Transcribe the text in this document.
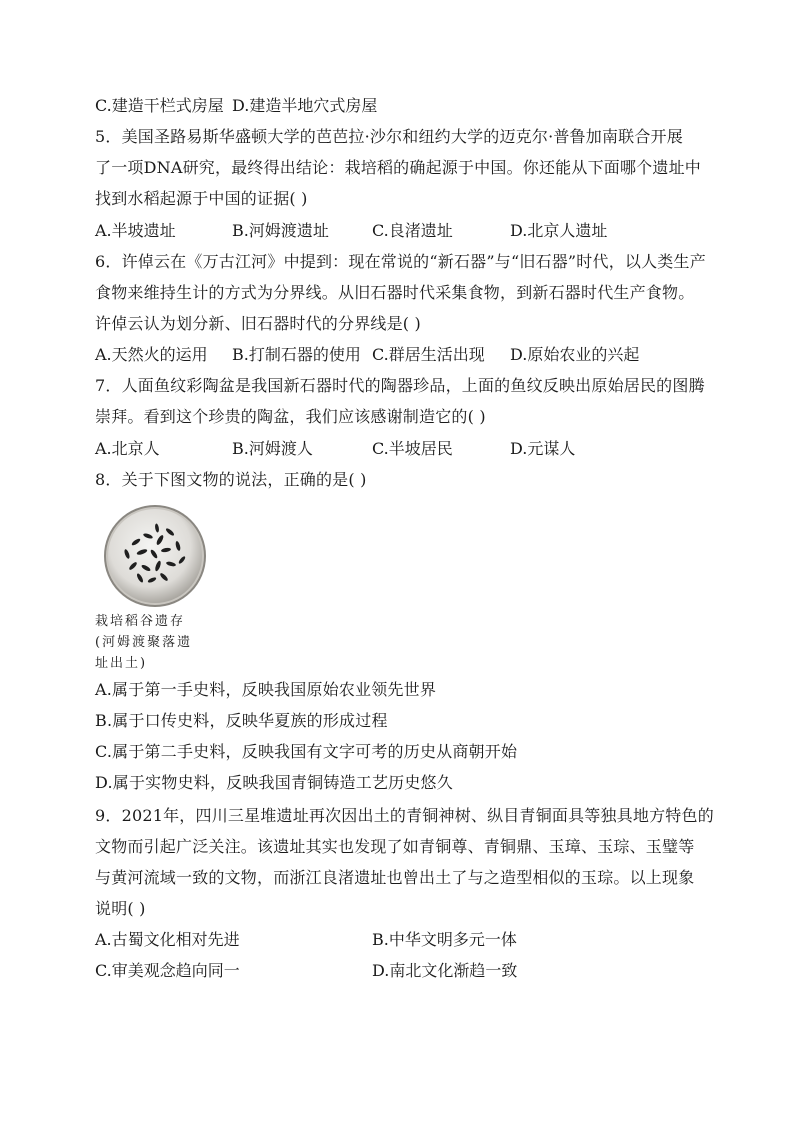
C.建造干栏式房屋 D.建造半地穴式房屋
5．美国圣路易斯华盛顿大学的芭芭拉·沙尔和纽约大学的迈克尔·普鲁加南联合开展
了一项DNA研究，最终得出结论：栽培稻的确起源于中国。你还能从下面哪个遗址中
找到水稻起源于中国的证据( )
A.半坡遗址	B.河姆渡遗址	C.良渚遗址	D.北京人遗址
6．许倬云在《万古江河》中提到：现在常说的“新石器”与“旧石器”时代，以人类生产
食物来维持生计的方式为分界线。从旧石器时代采集食物，到新石器时代生产食物。
许倬云认为划分新、旧石器时代的分界线是( )
A.天然火的运用 B.打制石器的使用 C.群居生活出现 D.原始农业的兴起
7．人面鱼纹彩陶盆是我国新石器时代的陶器珍品，上面的鱼纹反映出原始居民的图腾
崇拜。看到这个珍贵的陶盆，我们应该感谢制造它的( )
A.北京人	B.河姆渡人	C.半坡居民	D.元谋人
8．关于下图文物的说法，正确的是( )
栽培稻谷遗存
(河姆渡聚落遗
址出土)
A.属于第一手史料，反映我国原始农业领先世界
B.属于口传史料，反映华夏族的形成过程
C.属于第二手史料，反映我国有文字可考的历史从商朝开始
D.属于实物史料，反映我国青铜铸造工艺历史悠久
9．2021年，四川三星堆遗址再次因出土的青铜神树、纵目青铜面具等独具地方特色的
文物而引起广泛关注。该遗址其实也发现了如青铜尊、青铜鼎、玉璋、玉琮、玉璧等
与黄河流域一致的文物，而浙江良渚遗址也曾出土了与之造型相似的玉琮。以上现象
说明( )
A.古蜀文化相对先进	B.中华文明多元一体
C.审美观念趋向同一	D.南北文化渐趋一致
